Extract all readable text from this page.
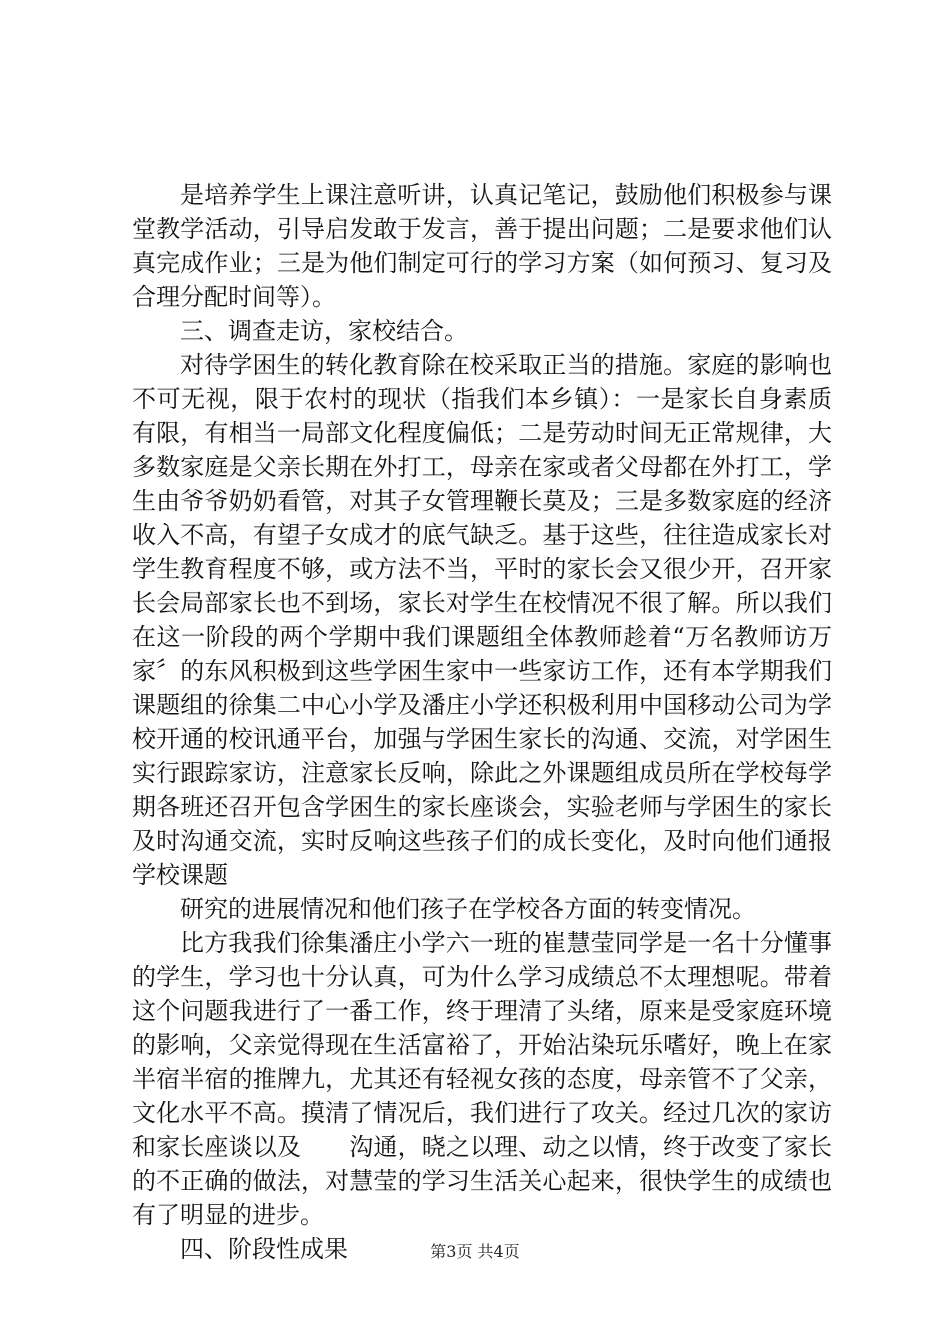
是培养学生上课注意听讲，认真记笔记，鼓励他们积极参与课堂教学活动，引导启发敢于发言，善于提出问题；二是要求他们认真完成作业；三是为他们制定可行的学习方案（如何预习、复习及合理分配时间等）。

三、调查走访，家校结合。

对待学困生的转化教育除在校采取正当的措施。家庭的影响也不可无视，限于农村的现状（指我们本乡镇）：一是家长自身素质有限，有相当一局部文化程度偏低；二是劳动时间无正常规律，大多数家庭是父亲长期在外打工，母亲在家或者父母都在外打工，学生由爷爷奶奶看管，对其子女管理鞭长莫及；三是多数家庭的经济收入不高，有望子女成才的底气缺乏。基于这些，往往造成家长对学生教育程度不够，或方法不当，平时的家长会又很少开，召开家长会局部家长也不到场，家长对学生在校情况不很了解。所以我们在这一阶段的两个学期中我们课题组全体教师趁着“万名教师访万家〞的东风积极到这些学困生家中一些家访工作，还有本学期我们课题组的徐集二中心小学及潘庄小学还积极利用中国移动公司为学校开通的校讯通平台，加强与学困生家长的沟通、交流，对学困生实行跟踪家访，注意家长反响，除此之外课题组成员所在学校每学期各班还召开包含学困生的家长座谈会，实验老师与学困生的家长及时沟通交流，实时反响这些孩子们的成长变化，及时向他们通报学校课题

研究的进展情况和他们孩子在学校各方面的转变情况。

比方我我们徐集潘庄小学六一班的崔慧莹同学是一名十分懂事的学生，学习也十分认真，可为什么学习成绩总不太理想呢。带着这个问题我进行了一番工作，终于理清了头绪，原来是受家庭环境的影响，父亲觉得现在生活富裕了，开始沾染玩乐嗜好，晚上在家半宿半宿的推牌九，尤其还有轻视女孩的态度，母亲管不了父亲，文化水平不高。摸清了情况后，我们进行了攻关。经过几次的家访和家长座谈以及　　沟通，晓之以理、动之以情，终于改变了家长的不正确的做法，对慧莹的学习生活关心起来，很快学生的成绩也有了明显的进步。

四、阶段性成果	第3页 共4页
